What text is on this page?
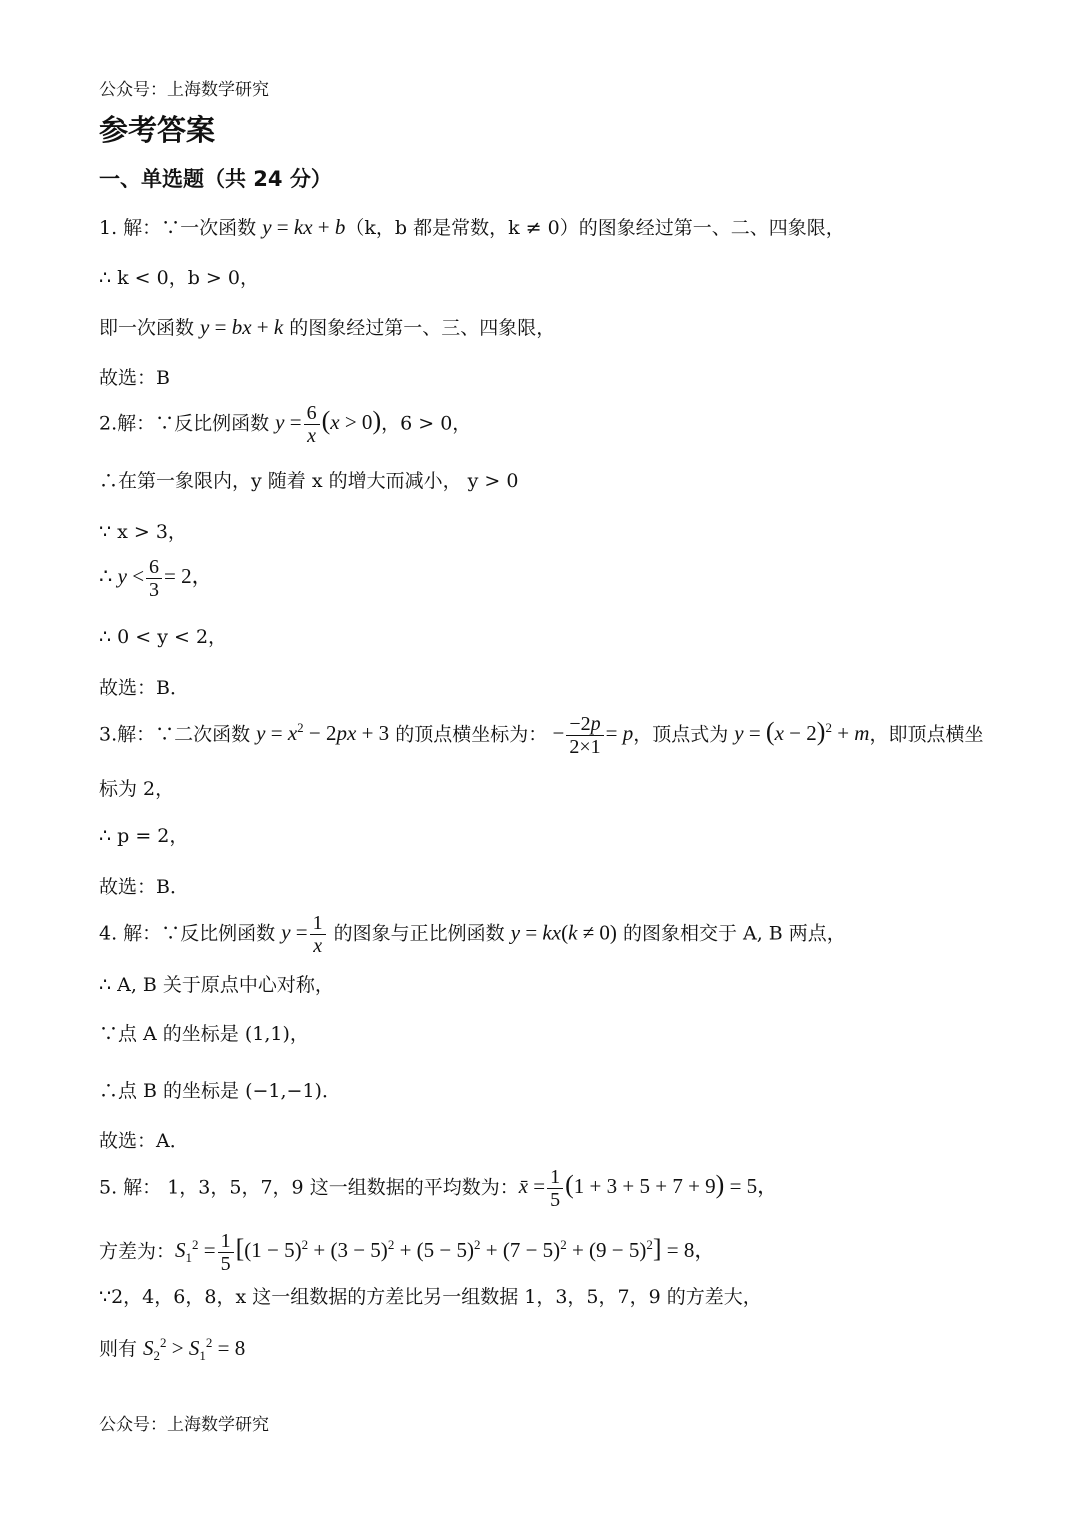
公众号：上海数学研究
参考答案
一、单选题（共 24 分）
1. 解：∵一次函数 y = kx + b（k，b 都是常数，k ≠ 0）的图象经过第一、二、四象限，
∴ k < 0，b > 0，
即一次函数 y = bx + k 的图象经过第一、三、四象限，
故选：B
2.解：∵反比例函数 $y = \frac{6}{x} (x > 0)$，6 > 0，
∴在第一象限内，y 随着 x 的增大而减小， y > 0
∵ x > 3，
∴ $y < \frac{6}{3} = 2$，
∴ 0 < y < 2，
故选：B．
3.解：∵二次函数 $y = x^2 - 2px + 3$ 的顶点横坐标为： − $\frac{-2p}{2\times 1} = p$，顶点式为 $y = (x - 2)^2 + m$，即顶点横坐
标为 2，
∴ p = 2，
故选：B．
4. 解：∵反比例函数 $y = \frac{1}{x}$ 的图象与正比例函数 y = kx(k ≠ 0) 的图象相交于 A, B 两点，
∴ A, B 关于原点中心对称，
∵点 A 的坐标是 (1,1)，
∴点 B 的坐标是 (−1,−1)．
故选：A．
5. 解： 1，3，5，7，9 这一组数据的平均数为：x̄ = $\frac{1}{5} (1 + 3 + 5 + 7 + 9) = 5$，
方差为：$S_1^2 = \frac{1}{5} [(1 - 5)^2 + (3 - 5)^2 + (5 - 5)^2 + (7 - 5)^2 + (9 - 5)^2] = 8$，
∵2，4，6，8，x 这一组数据的方差比另一组数据 1，3，5，7，9 的方差大，
则有 $S_2^2 > S_1^2 = 8$
公众号：上海数学研究
